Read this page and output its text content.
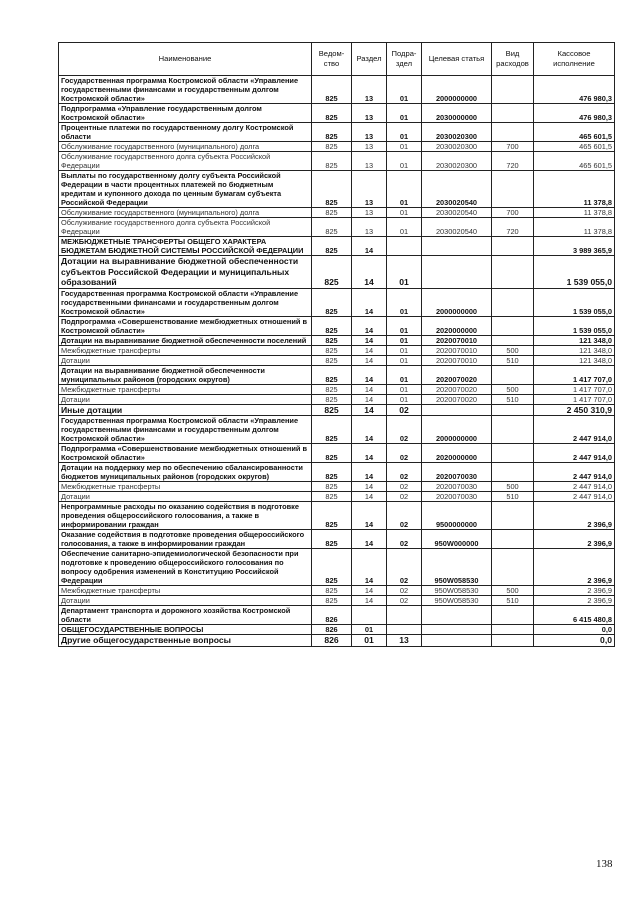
Наименование	Ведом-ство	Раздел	Подра-здел	Целевая статья	Вид расходов	Кассовое исполнение
Государственная программа Костромской области «Управление государственными финансами и государственным долгом Костромской области»	825	13	01	2000000000		476 980,3
Подпрограмма «Управление государственным долгом Костромской области»	825	13	01	2030000000		476 980,3
Процентные платежи по государственному долгу Костромской области	825	13	01	2030020300		465 601,5
Обслуживание государственного (муниципального) долга	825	13	01	2030020300	700	465 601,5
Обслуживание государственного долга субъекта Российской Федерации	825	13	01	2030020300	720	465 601,5
Выплаты по государственному долгу субъекта Российской Федерации в части процентных платежей по бюджетным кредитам и купонного дохода по ценным бумагам субъекта Российской Федерации	825	13	01	2030020540		11 378,8
Обслуживание государственного (муниципального) долга	825	13	01	2030020540	700	11 378,8
Обслуживание государственного долга субъекта Российской Федерации	825	13	01	2030020540	720	11 378,8
МЕЖБЮДЖЕТНЫЕ ТРАНСФЕРТЫ ОБЩЕГО ХАРАКТЕРА БЮДЖЕТАМ БЮДЖЕТНОЙ СИСТЕМЫ РОССИЙСКОЙ ФЕДЕРАЦИИ	825	14				3 989 365,9
Дотации на выравнивание бюджетной обеспеченности субъектов Российской Федерации и муниципальных образований	825	14	01			1 539 055,0
Государственная программа Костромской области «Управление государственными финансами и государственным долгом Костромской области»	825	14	01	2000000000		1 539 055,0
Подпрограмма «Совершенствование межбюджетных отношений в Костромской области»	825	14	01	2020000000		1 539 055,0
Дотации на выравнивание бюджетной обеспеченности поселений	825	14	01	2020070010		121 348,0
Межбюджетные трансферты	825	14	01	2020070010	500	121 348,0
Дотации	825	14	01	2020070010	510	121 348,0
Дотации на выравнивание бюджетной обеспеченности муниципальных районов (городских округов)	825	14	01	2020070020		1 417 707,0
Межбюджетные трансферты	825	14	01	2020070020	500	1 417 707,0
Дотации	825	14	01	2020070020	510	1 417 707,0
Иные дотации	825	14	02			2 450 310,9
Государственная программа Костромской области «Управление государственными финансами и государственным долгом Костромской области»	825	14	02	2000000000		2 447 914,0
Подпрограмма «Совершенствование межбюджетных отношений в Костромской области»	825	14	02	2020000000		2 447 914,0
Дотации на поддержку мер по обеспечению сбалансированности бюджетов муниципальных районов (городских округов)	825	14	02	2020070030		2 447 914,0
Межбюджетные трансферты	825	14	02	2020070030	500	2 447 914,0
Дотации	825	14	02	2020070030	510	2 447 914,0
Непрограммные расходы по оказанию содействия в подготовке проведения общероссийского голосования, а также в информировании граждан	825	14	02	9500000000		2 396,9
Оказание содействия в подготовке проведения общероссийского голосования, а также в информировании граждан	825	14	02	950W000000		2 396,9
Обеспечение санитарно-эпидемиологической безопасности при подготовке к проведению общероссийского голосования по вопросу одобрения изменений в Конституцию Российской Федерации	825	14	02	950W058530		2 396,9
Межбюджетные трансферты	825	14	02	950W058530	500	2 396,9
Дотации	825	14	02	950W058530	510	2 396,9
Департамент транспорта и дорожного хозяйства Костромской области	826					6 415 480,8
ОБЩЕГОСУДАРСТВЕННЫЕ ВОПРОСЫ	826	01				0,0
Другие общегосударственные вопросы	826	01	13			0,0
138
